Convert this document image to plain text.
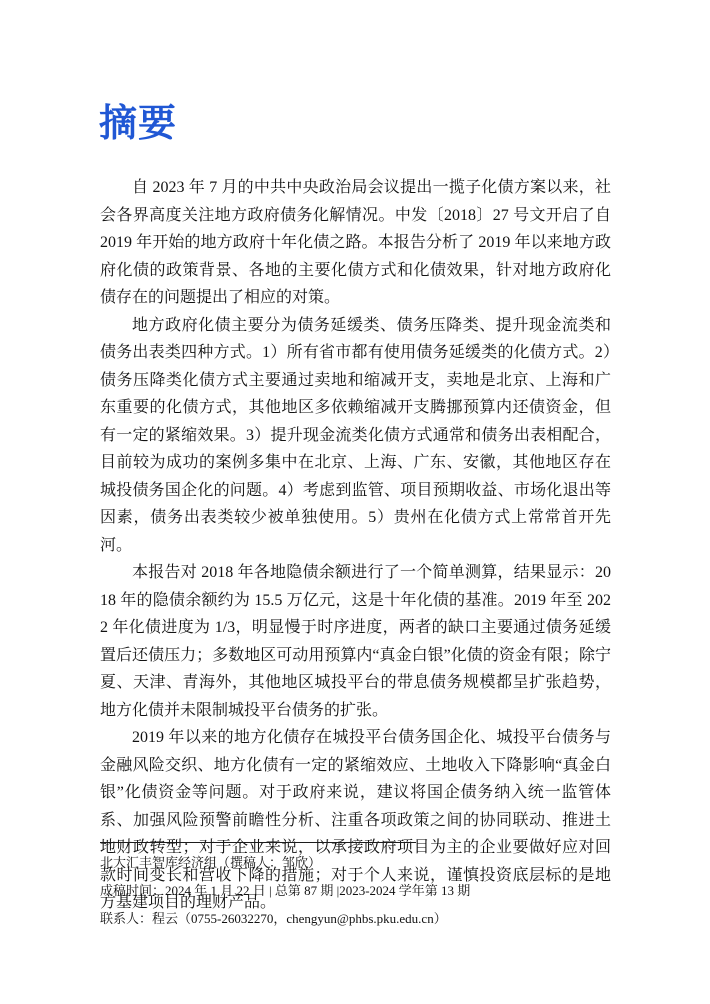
摘要

自 2023 年 7 月的中共中央政治局会议提出一揽子化债方案以来，社会各界高度关注地方政府债务化解情况。中发〔2018〕27 号文开启了自 2019 年开始的地方政府十年化债之路。本报告分析了 2019 年以来地方政府化债的政策背景、各地的主要化债方式和化债效果，针对地方政府化债存在的问题提出了相应的对策。

地方政府化债主要分为债务延缓类、债务压降类、提升现金流类和债务出表类四种方式。1）所有省市都有使用债务延缓类的化债方式。2）债务压降类化债方式主要通过卖地和缩减开支，卖地是北京、上海和广东重要的化债方式，其他地区多依赖缩减开支腾挪预算内还债资金，但有一定的紧缩效果。3）提升现金流类化债方式通常和债务出表相配合，目前较为成功的案例多集中在北京、上海、广东、安徽，其他地区存在城投债务国企化的问题。4）考虑到监管、项目预期收益、市场化退出等因素，债务出表类较少被单独使用。5）贵州在化债方式上常常首开先河。

本报告对 2018 年各地隐债余额进行了一个简单测算，结果显示：2018 年的隐债余额约为 15.5 万亿元，这是十年化债的基准。2019 年至 2022 年化债进度为 1/3，明显慢于时序进度，两者的缺口主要通过债务延缓置后还债压力；多数地区可动用预算内“真金白银”化债的资金有限；除宁夏、天津、青海外，其他地区城投平台的带息债务规模都呈扩张趋势，地方化债并未限制城投平台债务的扩张。

2019 年以来的地方化债存在城投平台债务国企化、城投平台债务与金融风险交织、地方化债有一定的紧缩效应、土地收入下降影响“真金白银”化债资金等问题。对于政府来说，建议将国企债务纳入统一监管体系、加强风险预警前瞻性分析、注重各项政策之间的协同联动、推进土地财政转型；对于企业来说，以承接政府项目为主的企业要做好应对回款时间变长和营收下降的措施；对于个人来说，谨慎投资底层标的是地方基建项目的理财产品。

北大汇丰智库经济组（撰稿人：邹欣）
成稿时间：2024 年 1 月 22 日 | 总第 87 期 |2023-2024 学年第 13 期
联系人：程云（0755-26032270，chengyun@phbs.pku.edu.cn）
